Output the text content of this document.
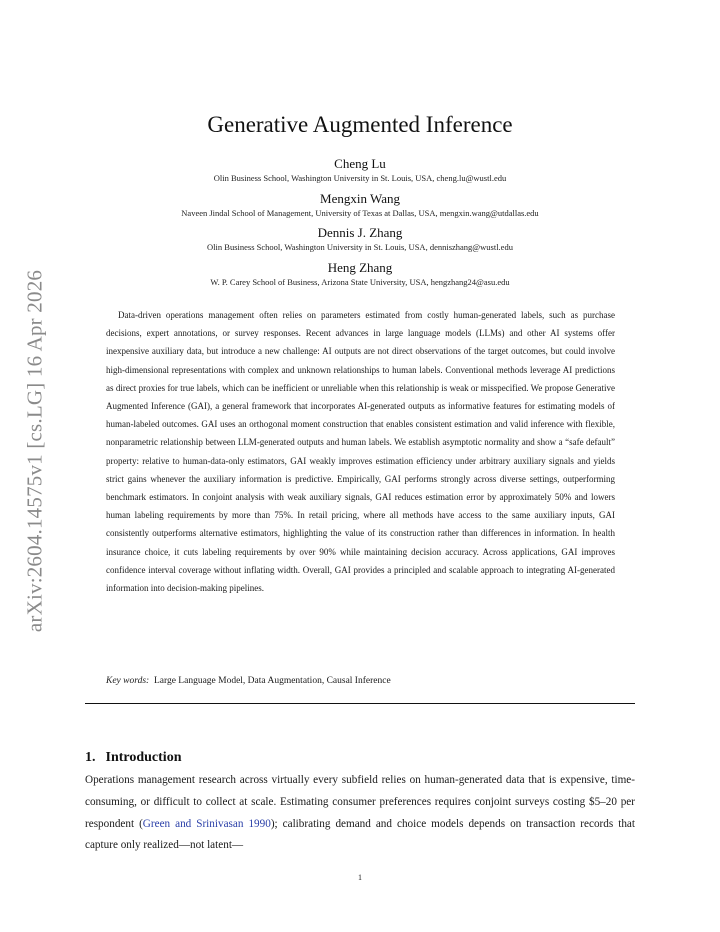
arXiv:2604.14575v1 [cs.LG] 16 Apr 2026
Generative Augmented Inference
Cheng Lu
Olin Business School, Washington University in St. Louis, USA, cheng.lu@wustl.edu
Mengxin Wang
Naveen Jindal School of Management, University of Texas at Dallas, USA, mengxin.wang@utdallas.edu
Dennis J. Zhang
Olin Business School, Washington University in St. Louis, USA, denniszhang@wustl.edu
Heng Zhang
W. P. Carey School of Business, Arizona State University, USA, hengzhang24@asu.edu

Data-driven operations management often relies on parameters estimated from costly human-generated labels, such as purchase decisions, expert annotations, or survey responses. Recent advances in large language models (LLMs) and other AI systems offer inexpensive auxiliary data, but introduce a new challenge: AI outputs are not direct observations of the target outcomes, but could involve high-dimensional representations with complex and unknown relationships to human labels. Conventional methods leverage AI predictions as direct proxies for true labels, which can be inefficient or unreliable when this relationship is weak or misspecified. We propose Generative Augmented Inference (GAI), a general framework that incorporates AI-generated outputs as informative features for estimating models of human-labeled outcomes. GAI uses an orthogonal moment construction that enables consistent estimation and valid inference with flexible, nonparametric relationship between LLM-generated outputs and human labels. We establish asymptotic normality and show a “safe default” property: relative to human-data-only estimators, GAI weakly improves estimation efficiency under arbitrary auxiliary signals and yields strict gains whenever the auxiliary information is predictive. Empirically, GAI performs strongly across diverse settings, outperforming benchmark estimators. In conjoint analysis with weak auxiliary signals, GAI reduces estimation error by approximately 50% and lowers human labeling requirements by more than 75%. In retail pricing, where all methods have access to the same auxiliary inputs, GAI consistently outperforms alternative estimators, highlighting the value of its construction rather than differences in information. In health insurance choice, it cuts labeling requirements by over 90% while maintaining decision accuracy. Across applications, GAI improves confidence interval coverage without inflating width. Overall, GAI provides a principled and scalable approach to integrating AI-generated information into decision-making pipelines.

Key words: Large Language Model, Data Augmentation, Causal Inference
1. Introduction

Operations management research across virtually every subfield relies on human-generated data that is expensive, time-consuming, or difficult to collect at scale. Estimating consumer preferences requires conjoint surveys costing $5–20 per respondent (Green and Srinivasan 1990); calibrating demand and choice models depends on transaction records that capture only realized—not latent—

1
